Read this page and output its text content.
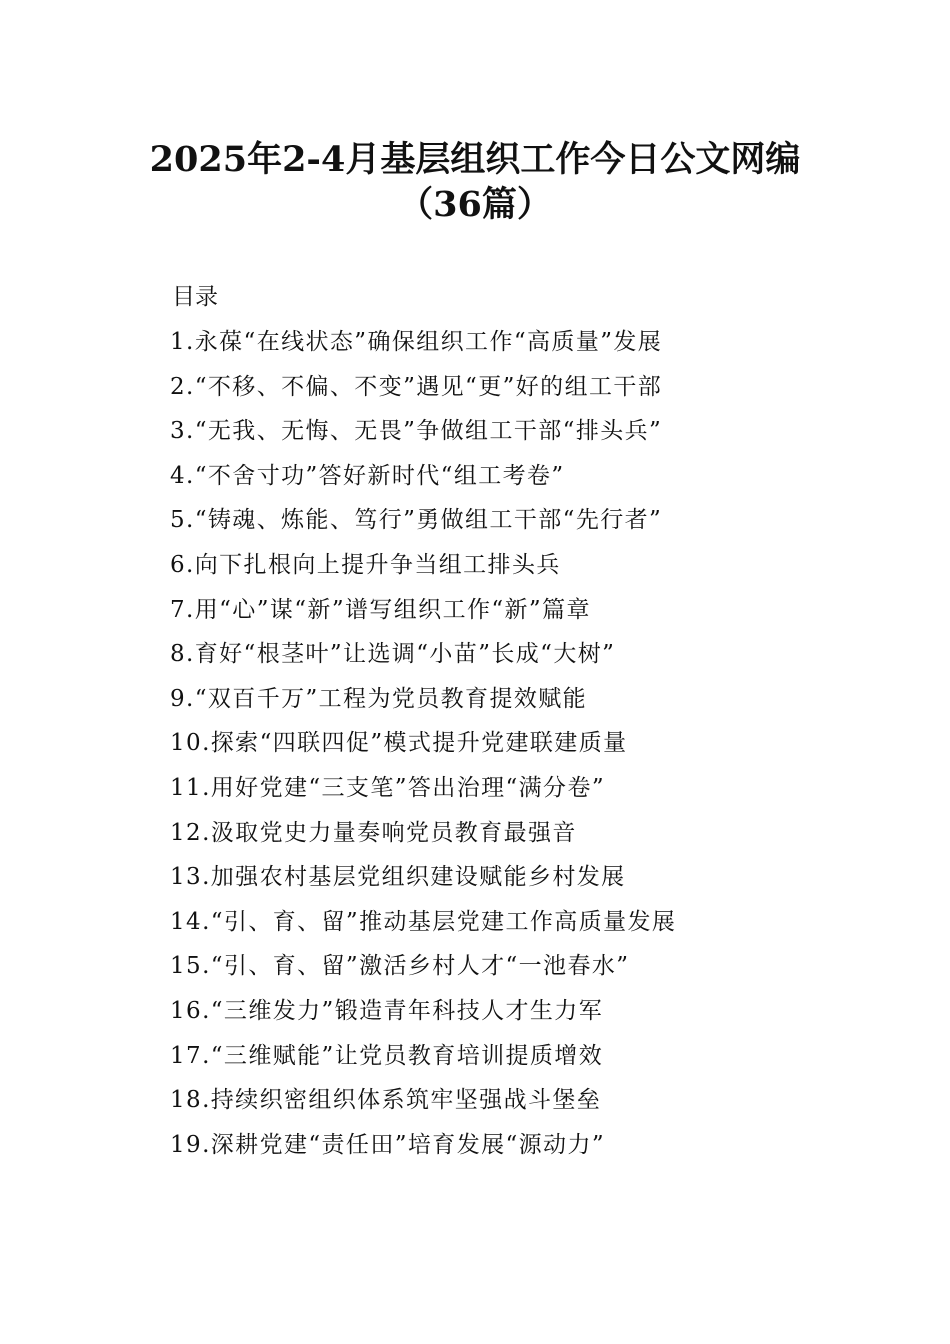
2025年2-4月基层组织工作今日公文网编
（36篇）
目录
1.永葆“在线状态”确保组织工作“高质量”发展
2.“不移、不偏、不变”遇见“更”好的组工干部
3.“无我、无悔、无畏”争做组工干部“排头兵”
4.“不舍寸功”答好新时代“组工考卷”
5.“铸魂、炼能、笃行”勇做组工干部“先行者”
6.向下扎根向上提升争当组工排头兵
7.用“心”谋“新”谱写组织工作“新”篇章
8.育好“根茎叶”让选调“小苗”长成“大树”
9.“双百千万”工程为党员教育提效赋能
10.探索“四联四促”模式提升党建联建质量
11.用好党建“三支笔”答出治理“满分卷”
12.汲取党史力量奏响党员教育最强音
13.加强农村基层党组织建设赋能乡村发展
14.“引、育、留”推动基层党建工作高质量发展
15.“引、育、留”激活乡村人才“一池春水”
16.“三维发力”锻造青年科技人才生力军
17.“三维赋能”让党员教育培训提质增效
18.持续织密组织体系筑牢坚强战斗堡垒
19.深耕党建“责任田”培育发展“源动力”
